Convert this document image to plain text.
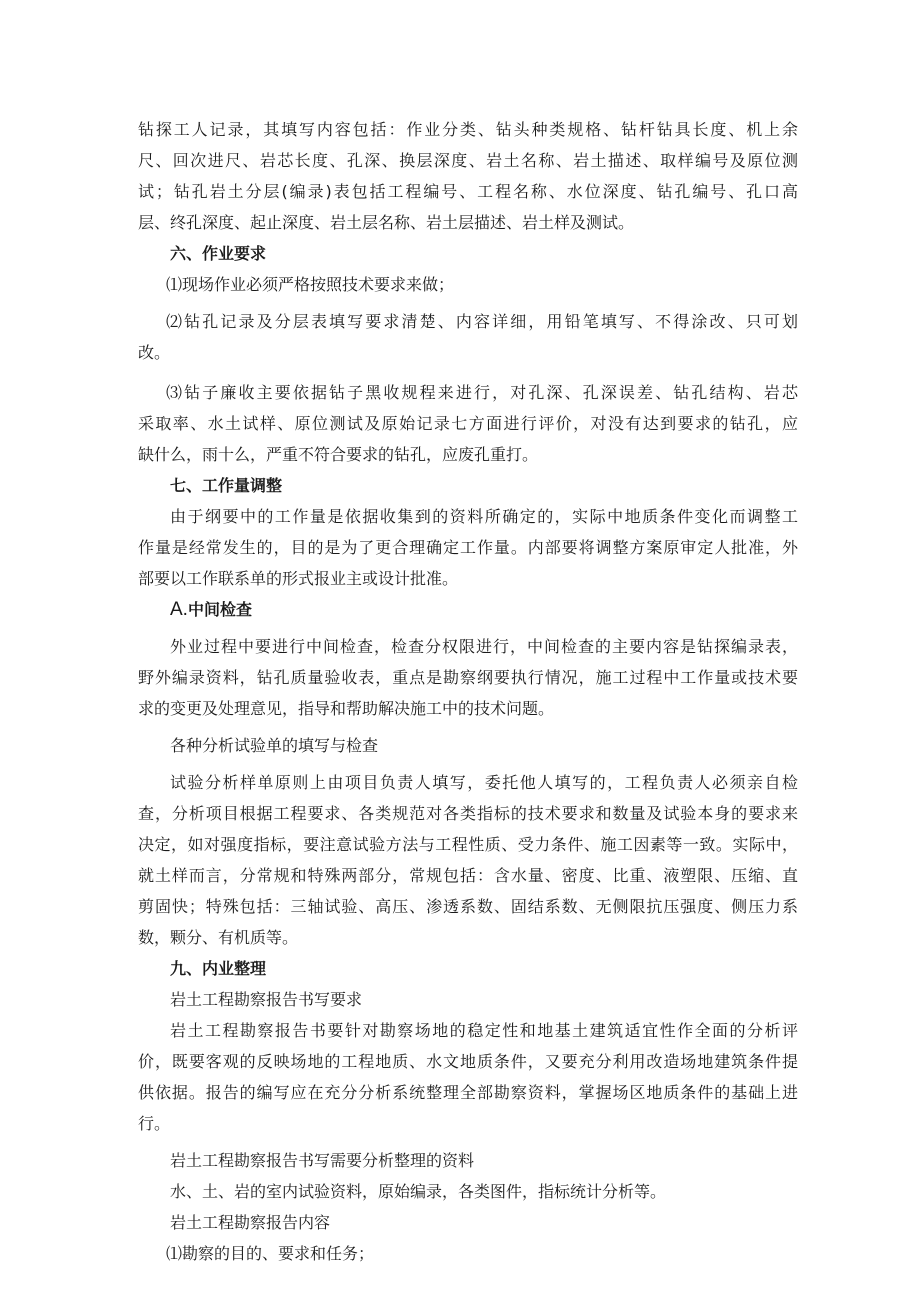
钻探工人记录，其填写内容包括：作业分类、钻头种类规格、钻杆钻具长度、机上余

尺、回次进尺、岩芯长度、孔深、换层深度、岩土名称、岩土描述、取样编号及原位测

试；钻孔岩土分层(编录)表包括工程编号、工程名称、水位深度、钻孔编号、孔口高

层、终孔深度、起止深度、岩土层名称、岩土层描述、岩土样及测试。

六、作业要求

⑴现场作业必须严格按照技术要求来做；

⑵钻孔记录及分层表填写要求清楚、内容详细，用铅笔填写、不得涂改、只可划

改。

⑶钻子廉收主要依据钻子黑收规程来进行，对孔深、孔深误差、钻孔结构、岩芯

采取率、水土试样、原位测试及原始记录七方面进行评价，对没有达到要求的钻孔，应

缺什么，雨十么，严重不符合要求的钻孔，应废孔重打。

七、工作量调整

由于纲要中的工作量是依据收集到的资料所确定的，实际中地质条件变化而调整工

作量是经常发生的，目的是为了更合理确定工作量。内部要将调整方案原审定人批准，外

部要以工作联系单的形式报业主或设计批准。

A.中间检查

外业过程中要进行中间检查，检查分权限进行，中间检查的主要内容是钻探编录表，

野外编录资料，钻孔质量验收表，重点是勘察纲要执行情况，施工过程中工作量或技术要

求的变更及处理意见，指导和帮助解决施工中的技术问题。

各种分析试验单的填写与检查

试验分析样单原则上由项目负责人填写，委托他人填写的，工程负责人必须亲自检

查，分析项目根据工程要求、各类规范对各类指标的技术要求和数量及试验本身的要求来

决定，如对强度指标，要注意试验方法与工程性质、受力条件、施工因素等一致。实际中，

就土样而言，分常规和特殊两部分，常规包括：含水量、密度、比重、液塑限、压缩、直

剪固快；特殊包括：三轴试验、高压、渗透系数、固结系数、无侧限抗压强度、侧压力系

数，颗分、有机质等。

九、内业整理

岩土工程勘察报告书写要求

岩土工程勘察报告书要针对勘察场地的稳定性和地基土建筑适宜性作全面的分析评

价，既要客观的反映场地的工程地质、水文地质条件，又要充分利用改造场地建筑条件提

供依据。报告的编写应在充分分析系统整理全部勘察资料，掌握场区地质条件的基础上进

行。

岩土工程勘察报告书写需要分析整理的资料

水、土、岩的室内试验资料，原始编录，各类图件，指标统计分析等。

岩土工程勘察报告内容

⑴勘察的目的、要求和任务；
